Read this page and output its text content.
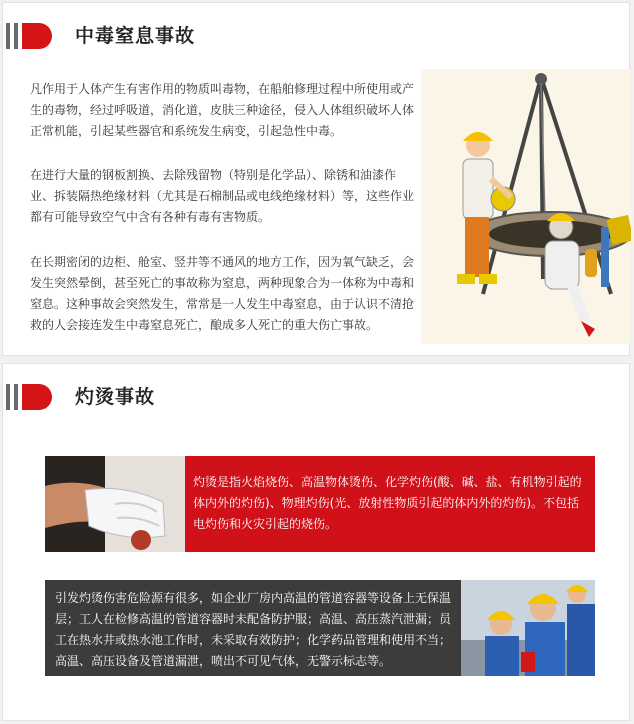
中毒窒息事故

凡作用于人体产生有害作用的物质叫毒物，在船舶修理过程中所使用或产生的毒物，经过呼吸道，消化道，皮肤三种途径，侵入人体组织破坏人体正常机能，引起某些器官和系统发生病变，引起急性中毒。

在进行大量的钢板割换、去除残留物（特别是化学品）、除锈和油漆作业、拆装隔热绝缘材料（尤其是石棉制品或电线绝缘材料）等，这些作业都有可能导致空气中含有各种有毒有害物质。

在长期密闭的边柜、舱室、竖井等不通风的地方工作，因为氧气缺乏，会发生突然晕倒，甚至死亡的事故称为窒息，两种现象合为一体称为中毒和窒息。这种事故会突然发生，常常是一人发生中毒窒息，由于认识不清抢救的人会接连发生中毒窒息死亡，酿成多人死亡的重大伤亡事故。

灼烫事故

灼烫是指火焰烧伤、高温物体烫伤、化学灼伤(酸、碱、盐、有机物引起的体内外的灼伤)、物理灼伤(光、放射性物质引起的体内外的灼伤)。不包括电灼伤和火灾引起的烧伤。

引发灼烫伤害危险源有很多，如企业厂房内高温的管道容器等设备上无保温层；工人在检修高温的管道容器时未配备防护服；高温、高压蒸汽泄漏；员工在热水井或热水池工作时，未采取有效防护；化学药品管理和使用不当；高温、高压设备及管道漏泄，喷出不可见气体，无警示标志等。
